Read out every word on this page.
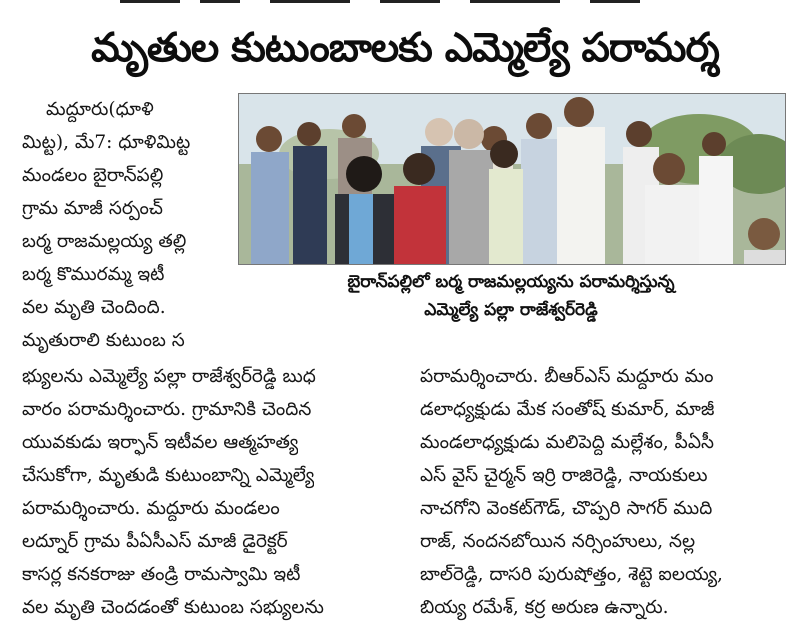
మృతుల కుటుంబాలకు ఎమ్మెల్యే పరామర్శ
మద్దూరు(ధూళి
మిట్ట), మే7: ధూళిమిట్ట
మండలం బైరాన్‌పల్లి
గ్రామ మాజీ సర్పంచ్
బర్మ రాజమల్లయ్య తల్లి
బర్మ కొమురమ్మ ఇటీ
వల మృతి చెందింది.
మృతురాలి కుటుంబ స
భ్యులను ఎమ్మెల్యే పల్లా రాజేశ్వర్‌రెడ్డి బుధ
వారం పరామర్శించారు. గ్రామానికి చెందిన
యువకుడు ఇర్ఫాన్ ఇటీవల ఆత్మహత్య
చేసుకోగా, మృతుడి కుటుంబాన్ని ఎమ్మెల్యే
పరామర్శించారు. మద్దూరు మండలం
లద్నూర్ గ్రామ పీఏసీఎస్ మాజీ డైరెక్టర్
కాసర్ల కనకరాజు తండ్రి రామస్వామి ఇటీ
వల మృతి చెందడంతో కుటుంబ సభ్యులను
పరామర్శించారు. బీఆర్ఎస్ మద్దూరు మం
డలాధ్యక్షుడు మేక సంతోష్ కుమార్, మాజీ
మండలాధ్యక్షుడు మలిపెద్ది మల్లేశం, పీఏసీ
ఎస్ వైస్ చైర్మన్ ఇర్రి రాజిరెడ్డి, నాయకులు
నాచగోని వెంకట్‌గౌడ్, చొప్పరి సాగర్ ముది
రాజ్, నందనబోయిన నర్సింహులు, నల్ల
బాల్‌రెడ్డి, దాసరి పురుషోత్తం, శెట్టె ఐలయ్య,
బియ్య రమేశ్, కర్ర అరుణ ఉన్నారు.
బైరాన్‌పల్లిలో బర్మ రాజమల్లయ్యను పరామర్శిస్తున్న
ఎమ్మెల్యే పల్లా రాజేశ్వర్‌రెడ్డి
